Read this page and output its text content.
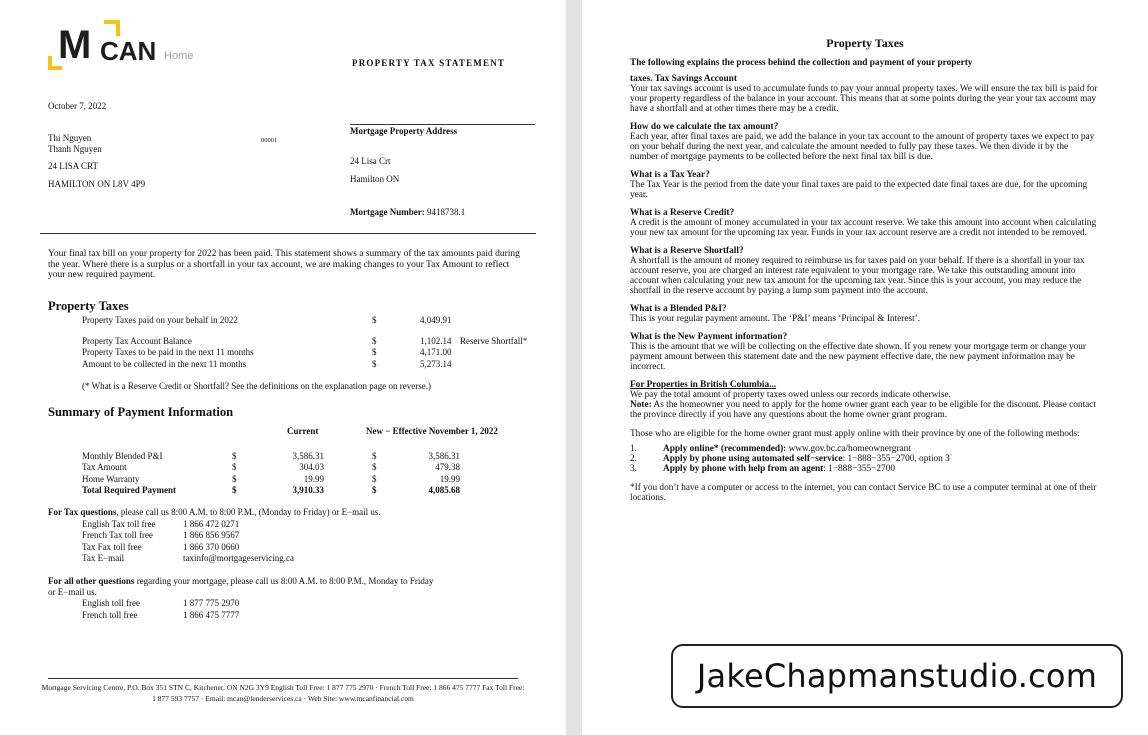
M CAN Home
PROPERTY TAX STATEMENT
October 7, 2022
Thi Nguyen
Thanh Nguyen
00001
24 LISA CRT
HAMILTON ON L8V 4P9
Mortgage Property Address
24 Lisa Crt
Hamilton ON
Mortgage Number: 9418738.1
Your final tax bill on your property for 2022 has been paid. This statement shows a summary of the tax amounts paid during the year. Where there is a surplus or a shortfall in your tax account, we are making changes to your Tax Amount to reflect your new required payment.
Property Taxes
Property Taxes paid on your behalf in 2022	$	4,049.91
Property Tax Account Balance	$	1,102.14 Reserve Shortfall*
Property Taxes to be paid in the next 11 months	$	4,171.00
Amount to be collected in the next 11 months	$	5,273.14
(* What is a Reserve Credit or Shortfall? See the definitions on the explanation page on reverse.)
Summary of Payment Information
Current	New − Effective November 1, 2022
Monthly Blended P&I	$	3,586.31	$	3,586.31
Tax Amount	$	304.03	$	479.38
Home Warranty	$	19.99	$	19.99
Total Required Payment	$	3,910.33	$	4,085.68
For Tax questions, please call us 8:00 A.M. to 8:00 P.M., (Monday to Friday) or E−mail us.
English Tax toll free	1 866 472 0271
French Tax toll free	1 866 856 9567
Tax Fax toll free	1 866 370 0660
Tax E−mail	taxinfo@mortgageservicing.ca
For all other questions regarding your mortgage, please call us 8:00 A.M. to 8:00 P.M., Monday to Friday
or E−mail us.
English toll free	1 877 775 2970
French toll free	1 866 475 7777
Mortgage Servicing Centre, P.O. Box 351 STN C, Kitchener, ON N2G 3Y9 English Toll Free: 1 877 775 2970 · French Toll Free: 1 866 475 7777 Fax Toll Free: 1 877 593 7757 · Email: mcan@lenderservices.ca · Web Site: www.mcanfinancial.com
Property Taxes

The following explains the process behind the collection and payment of your property

taxes. Tax Savings Account

Your tax savings account is used to accumulate funds to pay your annual property taxes. We will ensure the tax bill is paid for your property regardless of the balance in your account. This means that at some points during the year your tax account may have a shortfall and at other times there may be a credit.

How do we calculate the tax amount?

Each year, after final taxes are paid, we add the balance in your tax account to the amount of property taxes we expect to pay on your behalf during the next year, and calculate the amount needed to fully pay these taxes. We then divide it by the number of mortgage payments to be collected before the next final tax bill is due.

What is a Tax Year?

The Tax Year is the period from the date your final taxes are paid to the expected date final taxes are due, for the upcoming year.

What is a Reserve Credit?

A credit is the amount of money accumulated in your tax account reserve. We take this amount into account when calculating your new tax amount for the upcoming tax year. Funds in your tax account reserve are a credit not intended to be removed.

What is a Reserve Shortfall?

A shortfall is the amount of money required to reimburse us for taxes paid on your behalf. If there is a shortfall in your tax account reserve, you are charged an interest rate equivalent to your mortgage rate. We take this outstanding amount into account when calculating your new tax amount for the upcoming tax year. Since this is your account, you may reduce the shortfall in the reserve account by paying a lump sum payment into the account.

What is a Blended P&I?

This is your regular payment amount. The ‘P&I’ means ‘Principal & Interest’.

What is the New Payment information?

This is the amount that we will be collecting on the effective date shown. If you renew your mortgage term or change your payment amount between this statement date and the new payment effective date, the new payment information may be incorrect.

For Properties in British Columbia...

We pay the total amount of property taxes owed unless our records indicate otherwise.

Note: As the homeowner you need to apply for the home owner grant each year to be eligible for the discount. Please contact the province directly if you have any questions about the home owner grant program.

Those who are eligible for the home owner grant must apply online with their province by one of the following methods:

1.	Apply online* (recommended): www.gov.bc.ca/homeownergrant
2.	Apply by phone using automated self−service: 1−888−355−2700, option 3
3.	Apply by phone with help from an agent: 1−888−355−2700

*If you don’t have a computer or access to the internet, you can contact Service BC to use a computer terminal at one of their locations.

JakeChapmanstudio.com
